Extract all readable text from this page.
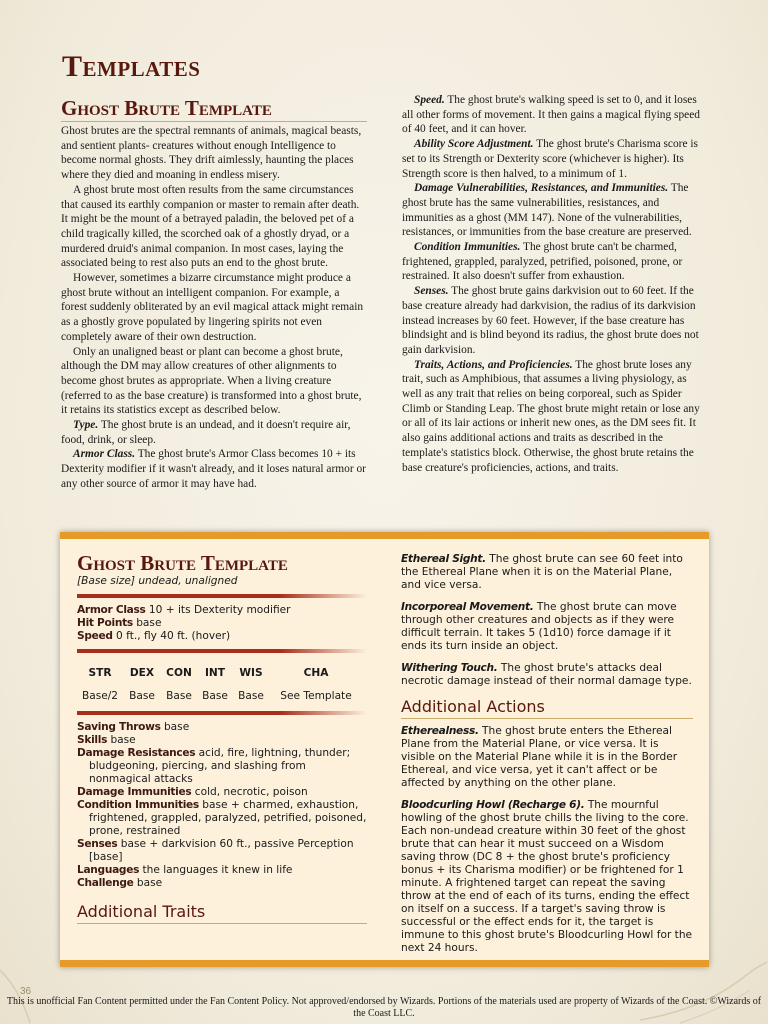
Templates
Ghost Brute Template

Ghost brutes are the spectral remnants of animals, magical beasts, and sentient plants- creatures without enough Intelligence to become normal ghosts. They drift aimlessly, haunting the places where they died and moaning in endless misery.

A ghost brute most often results from the same circumstances that caused its earthly companion or master to remain after death. It might be the mount of a betrayed paladin, the beloved pet of a child tragically killed, the scorched oak of a ghostly dryad, or a murdered druid's animal companion. In most cases, laying the associated being to rest also puts an end to the ghost brute.

However, sometimes a bizarre circumstance might produce a ghost brute without an intelligent companion. For example, a forest suddenly obliterated by an evil magical attack might remain as a ghostly grove populated by lingering spirits not even completely aware of their own destruction.

Only an unaligned beast or plant can become a ghost brute, although the DM may allow creatures of other alignments to become ghost brutes as appropriate. When a living creature (referred to as the base creature) is transformed into a ghost brute, it retains its statistics except as described below.

Type. The ghost brute is an undead, and it doesn't require air, food, drink, or sleep.

Armor Class. The ghost brute's Armor Class becomes 10 + its Dexterity modifier if it wasn't already, and it loses natural armor or any other source of armor it may have had.

Speed. The ghost brute's walking speed is set to 0, and it loses all other forms of movement. It then gains a magical flying speed of 40 feet, and it can hover.

Ability Score Adjustment. The ghost brute's Charisma score is set to its Strength or Dexterity score (whichever is higher). Its Strength score is then halved, to a minimum of 1.

Damage Vulnerabilities, Resistances, and Immunities. The ghost brute has the same vulnerabilities, resistances, and immunities as a ghost (MM 147). None of the vulnerabilities, resistances, or immunities from the base creature are preserved.

Condition Immunities. The ghost brute can't be charmed, frightened, grappled, paralyzed, petrified, poisoned, prone, or restrained. It also doesn't suffer from exhaustion.

Senses. The ghost brute gains darkvision out to 60 feet. If the base creature already had darkvision, the radius of its darkvision instead increases by 60 feet. However, if the base creature has blindsight and is blind beyond its radius, the ghost brute does not gain darkvision.

Traits, Actions, and Proficiencies. The ghost brute loses any trait, such as Amphibious, that assumes a living physiology, as well as any trait that relies on being corporeal, such as Spider Climb or Standing Leap. The ghost brute might retain or lose any or all of its lair actions or inherit new ones, as the DM sees fit. It also gains additional actions and traits as described in the template's statistics block. Otherwise, the ghost brute retains the base creature's proficiencies, actions, and traits.

Ghost Brute Template
[Base size] undead, unaligned
Armor Class 10 + its Dexterity modifier
Hit Points base
Speed 0 ft., fly 40 ft. (hover)
STR
Base/2
DEX
Base
CON
Base
INT
Base
WIS
Base
CHA
See Template
Saving Throws base
Skills base
Damage Resistances acid, fire, lightning, thunder; bludgeoning, piercing, and slashing from nonmagical attacks
Damage Immunities cold, necrotic, poison
Condition Immunities base + charmed, exhaustion, frightened, grappled, paralyzed, petrified, poisoned, prone, restrained
Senses base + darkvision 60 ft., passive Perception [base]
Languages the languages it knew in life
Challenge base
Additional Traits

Ethereal Sight. The ghost brute can see 60 feet into the Ethereal Plane when it is on the Material Plane, and vice versa.

Incorporeal Movement. The ghost brute can move through other creatures and objects as if they were difficult terrain. It takes 5 (1d10) force damage if it ends its turn inside an object.

Withering Touch. The ghost brute's attacks deal necrotic damage instead of their normal damage type.

Additional Actions

Etherealness. The ghost brute enters the Ethereal Plane from the Material Plane, or vice versa. It is visible on the Material Plane while it is in the Border Ethereal, and vice versa, yet it can't affect or be affected by anything on the other plane.

Bloodcurling Howl (Recharge 6). The mournful howling of the ghost brute chills the living to the core. Each non-undead creature within 30 feet of the ghost brute that can hear it must succeed on a Wisdom saving throw (DC 8 + the ghost brute's proficiency bonus + its Charisma modifier) or be frightened for 1 minute. A frightened target can repeat the saving throw at the end of each of its turns, ending the effect on itself on a success. If a target's saving throw is successful or the effect ends for it, the target is immune to this ghost brute's Bloodcurling Howl for the next 24 hours.

36
This is unofficial Fan Content permitted under the Fan Content Policy. Not approved/endorsed by Wizards. Portions of the materials used are property of Wizards of the Coast. ©Wizards of the Coast LLC.
